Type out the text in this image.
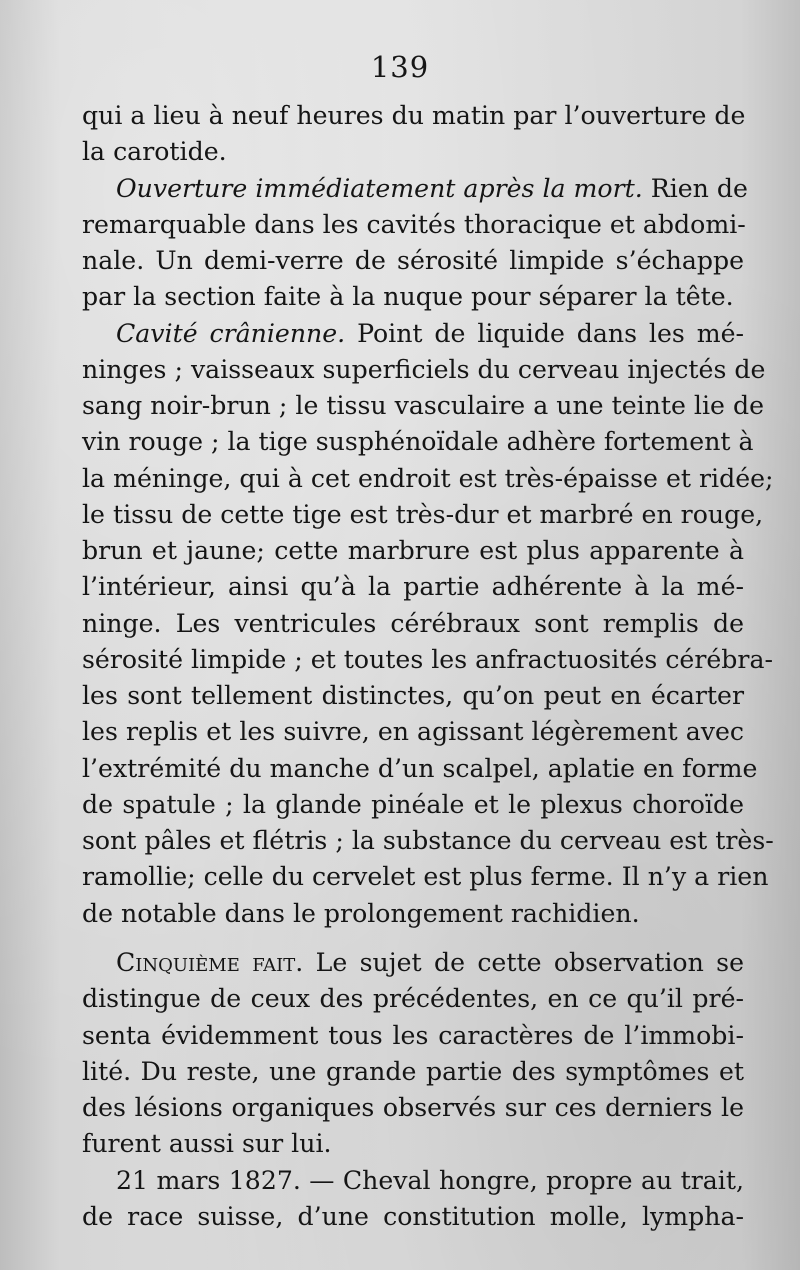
139
qui a lieu à neuf heures du matin par l’ouverture de
la carotide.
Ouverture immédiatement après la mort. Rien de
remarquable dans les cavités thoracique et abdomi-
nale. Un demi-verre de sérosité limpide s’échappe
par la section faite à la nuque pour séparer la tête.
Cavité crânienne. Point de liquide dans les mé-
ninges ; vaisseaux superficiels du cerveau injectés de
sang noir-brun ; le tissu vasculaire a une teinte lie de
vin rouge ; la tige susphénoïdale adhère fortement à
la méninge, qui à cet endroit est très-épaisse et ridée;
le tissu de cette tige est très-dur et marbré en rouge,
brun et jaune; cette marbrure est plus apparente à
l’intérieur, ainsi qu’à la partie adhérente à la mé-
ninge. Les ventricules cérébraux sont remplis de
sérosité limpide ; et toutes les anfractuosités cérébra-
les sont tellement distinctes, qu’on peut en écarter
les replis et les suivre, en agissant légèrement avec
l’extrémité du manche d’un scalpel, aplatie en forme
de spatule ; la glande pinéale et le plexus choroïde
sont pâles et flétris ; la substance du cerveau est très-
ramollie; celle du cervelet est plus ferme. Il n’y a rien
de notable dans le prolongement rachidien.
Cinquième fait. Le sujet de cette observation se
distingue de ceux des précédentes, en ce qu’il pré-
senta évidemment tous les caractères de l’immobi-
lité. Du reste, une grande partie des symptômes et
des lésions organiques observés sur ces derniers le
furent aussi sur lui.
21 mars 1827. — Cheval hongre, propre au trait,
de race suisse, d’une constitution molle, lympha-
